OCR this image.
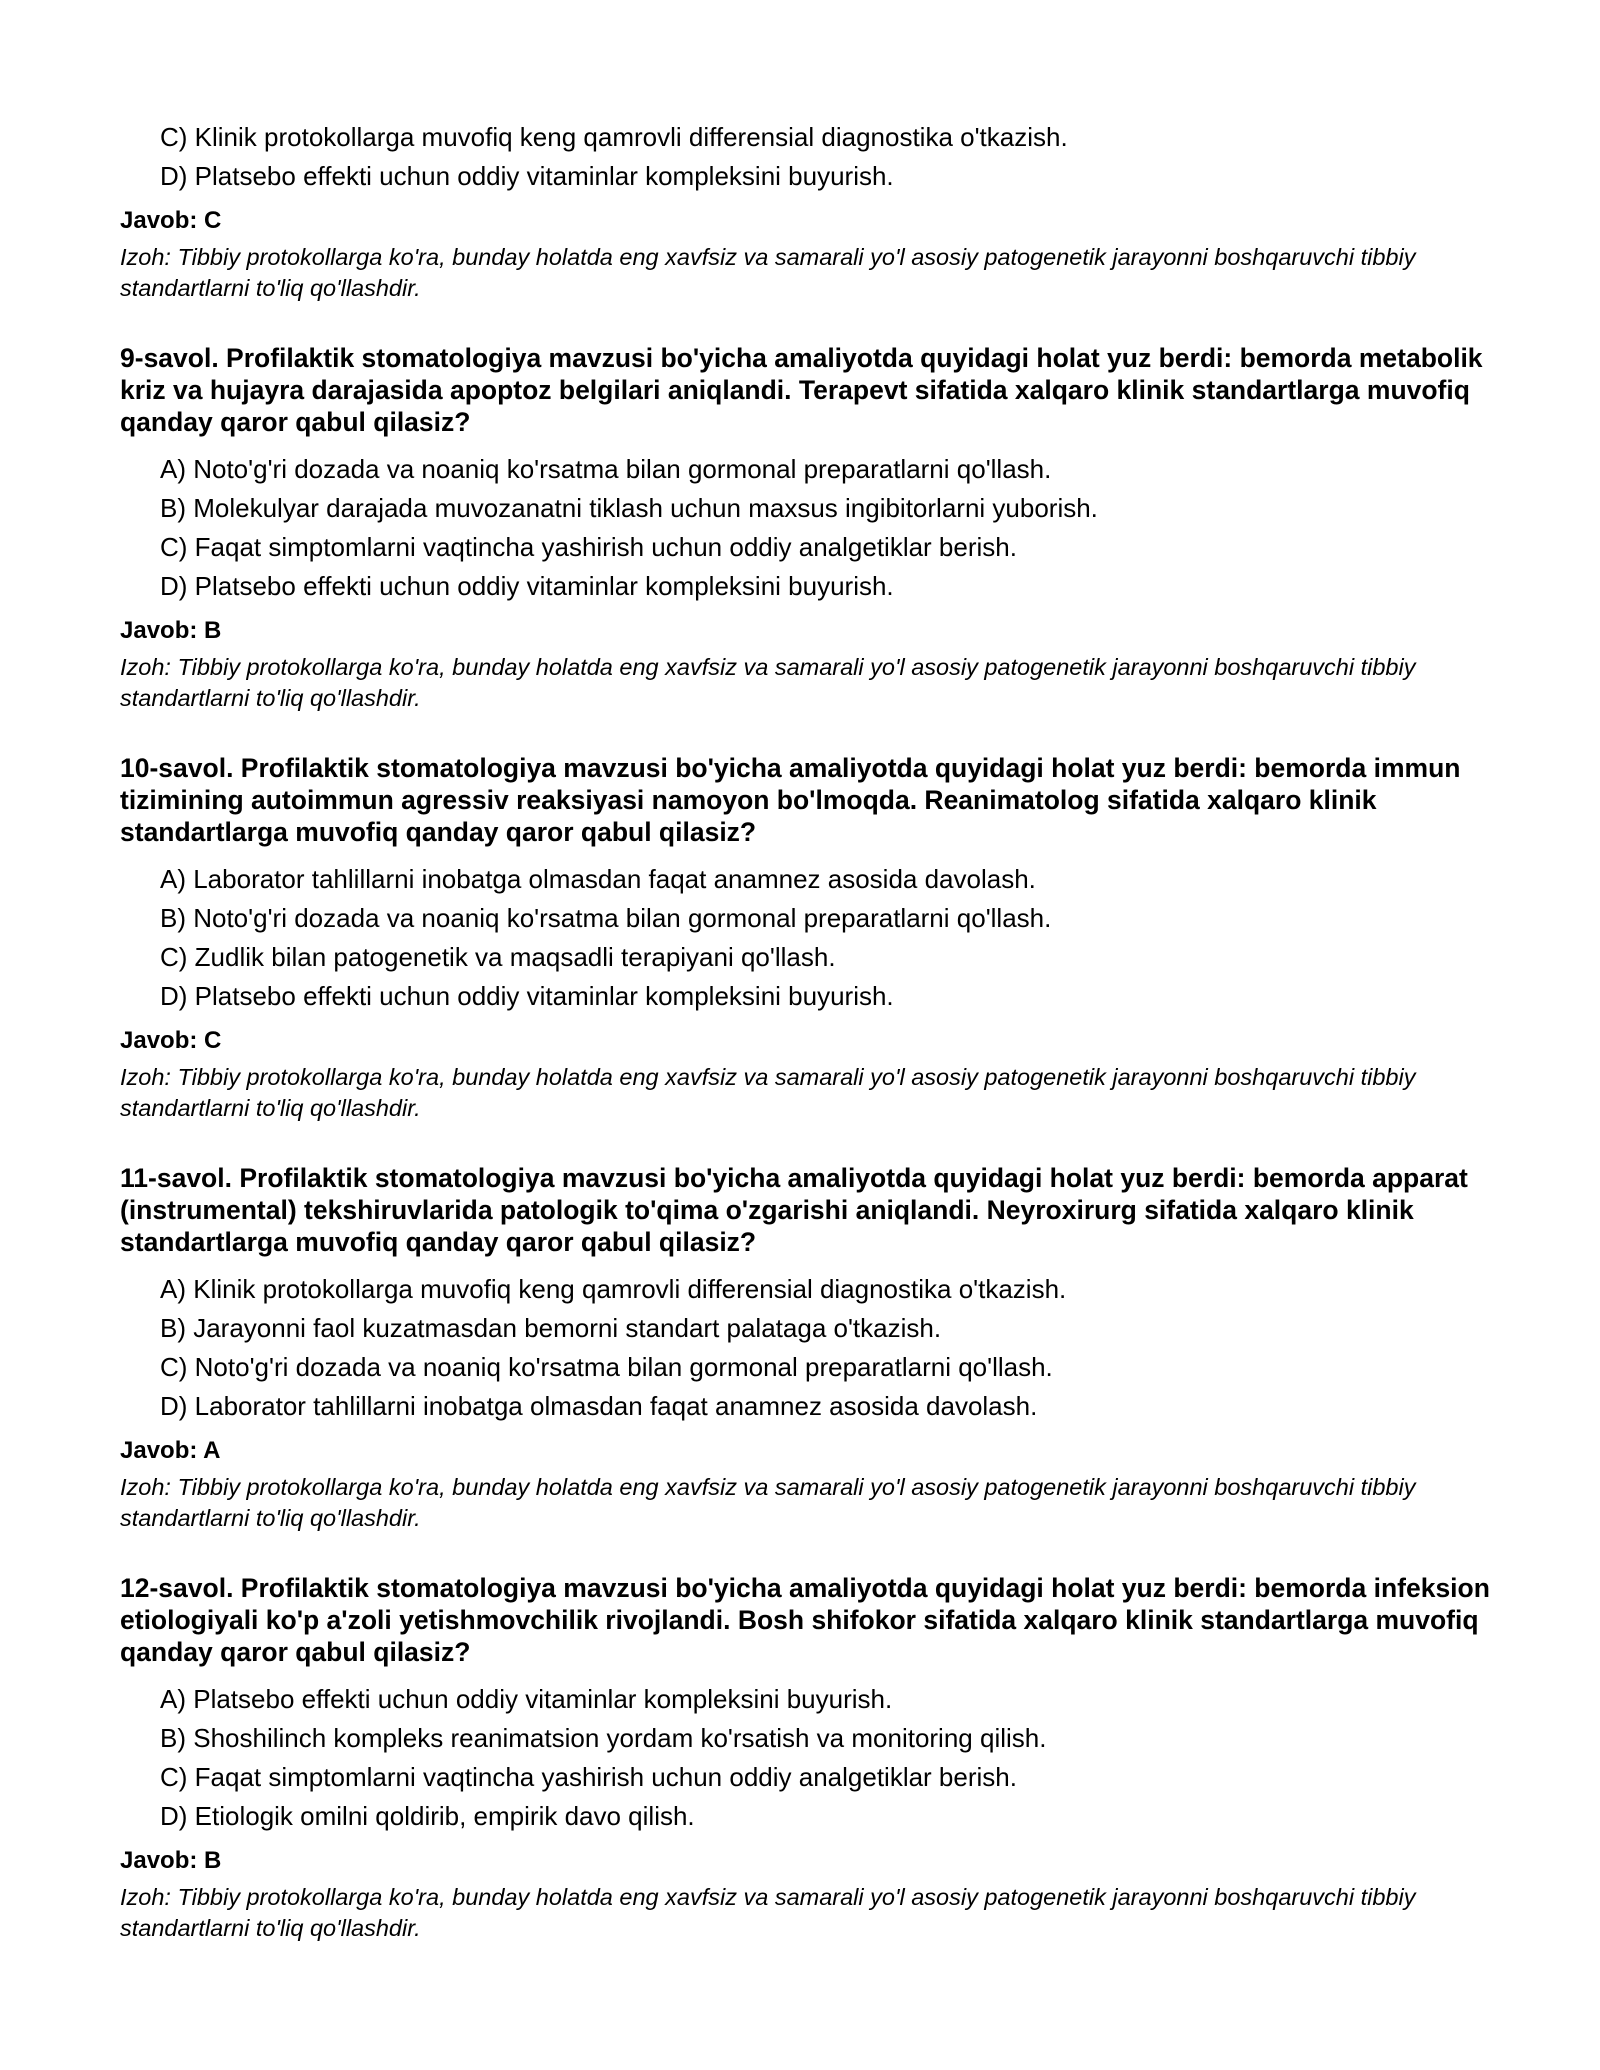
C) Klinik protokollarga muvofiq keng qamrovli differensial diagnostika o'tkazish.

D) Platsebo effekti uchun oddiy vitaminlar kompleksini buyurish.

Javob: C

Izoh: Tibbiy protokollarga ko'ra, bunday holatda eng xavfsiz va samarali yo'l asosiy patogenetik jarayonni boshqaruvchi tibbiy standartlarni to'liq qo'llashdir.

9-savol. Profilaktik stomatologiya mavzusi bo'yicha amaliyotda quyidagi holat yuz berdi: bemorda metabolik kriz va hujayra darajasida apoptoz belgilari aniqlandi. Terapevt sifatida xalqaro klinik standartlarga muvofiq qanday qaror qabul qilasiz?

A) Noto'g'ri dozada va noaniq ko'rsatma bilan gormonal preparatlarni qo'llash.

B) Molekulyar darajada muvozanatni tiklash uchun maxsus ingibitorlarni yuborish.

C) Faqat simptomlarni vaqtincha yashirish uchun oddiy analgetiklar berish.

D) Platsebo effekti uchun oddiy vitaminlar kompleksini buyurish.

Javob: B

Izoh: Tibbiy protokollarga ko'ra, bunday holatda eng xavfsiz va samarali yo'l asosiy patogenetik jarayonni boshqaruvchi tibbiy standartlarni to'liq qo'llashdir.

10-savol. Profilaktik stomatologiya mavzusi bo'yicha amaliyotda quyidagi holat yuz berdi: bemorda immun tizimining autoimmun agressiv reaksiyasi namoyon bo'lmoqda. Reanimatolog sifatida xalqaro klinik standartlarga muvofiq qanday qaror qabul qilasiz?

A) Laborator tahlillarni inobatga olmasdan faqat anamnez asosida davolash.

B) Noto'g'ri dozada va noaniq ko'rsatma bilan gormonal preparatlarni qo'llash.

C) Zudlik bilan patogenetik va maqsadli terapiyani qo'llash.

D) Platsebo effekti uchun oddiy vitaminlar kompleksini buyurish.

Javob: C

Izoh: Tibbiy protokollarga ko'ra, bunday holatda eng xavfsiz va samarali yo'l asosiy patogenetik jarayonni boshqaruvchi tibbiy standartlarni to'liq qo'llashdir.

11-savol. Profilaktik stomatologiya mavzusi bo'yicha amaliyotda quyidagi holat yuz berdi: bemorda apparat (instrumental) tekshiruvlarida patologik to'qima o'zgarishi aniqlandi. Neyroxirurg sifatida xalqaro klinik standartlarga muvofiq qanday qaror qabul qilasiz?

A) Klinik protokollarga muvofiq keng qamrovli differensial diagnostika o'tkazish.

B) Jarayonni faol kuzatmasdan bemorni standart palataga o'tkazish.

C) Noto'g'ri dozada va noaniq ko'rsatma bilan gormonal preparatlarni qo'llash.

D) Laborator tahlillarni inobatga olmasdan faqat anamnez asosida davolash.

Javob: A

Izoh: Tibbiy protokollarga ko'ra, bunday holatda eng xavfsiz va samarali yo'l asosiy patogenetik jarayonni boshqaruvchi tibbiy standartlarni to'liq qo'llashdir.

12-savol. Profilaktik stomatologiya mavzusi bo'yicha amaliyotda quyidagi holat yuz berdi: bemorda infeksion etiologiyali ko'p a'zoli yetishmovchilik rivojlandi. Bosh shifokor sifatida xalqaro klinik standartlarga muvofiq qanday qaror qabul qilasiz?

A) Platsebo effekti uchun oddiy vitaminlar kompleksini buyurish.

B) Shoshilinch kompleks reanimatsion yordam ko'rsatish va monitoring qilish.

C) Faqat simptomlarni vaqtincha yashirish uchun oddiy analgetiklar berish.

D) Etiologik omilni qoldirib, empirik davo qilish.

Javob: B

Izoh: Tibbiy protokollarga ko'ra, bunday holatda eng xavfsiz va samarali yo'l asosiy patogenetik jarayonni boshqaruvchi tibbiy standartlarni to'liq qo'llashdir.
